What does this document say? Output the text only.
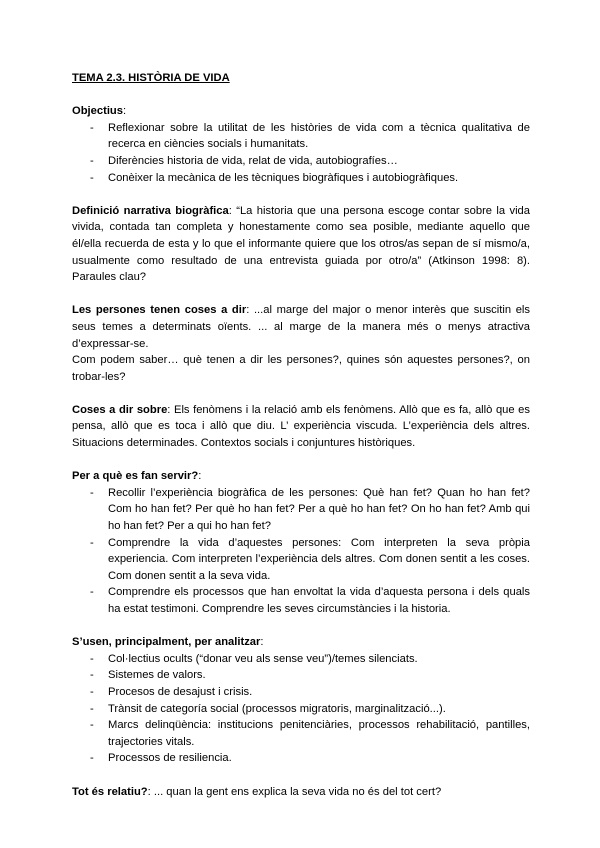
TEMA 2.3. HISTÒRIA DE VIDA

Objectius:

- Reflexionar sobre la utilitat de les històries de vida com a tècnica qualitativa de recerca en ciències socials i humanitats.
- Diferències historia de vida, relat de vida, autobiografíes…
- Conèixer la mecànica de les tècniques biogràfiques i autobiogràfiques.

Definició narrativa biogràfica: “La historia que una persona escoge contar sobre la vida vivida, contada tan completa y honestamente como sea posible, mediante aquello que él/ella recuerda de esta y lo que el informante quiere que los otros/as sepan de sí mismo/a, usualmente como resultado de una entrevista guiada por otro/a” (Atkinson 1998: 8). Paraules clau?

Les persones tenen coses a dir: ...al marge del major o menor interès que suscitin els seus temes a determinats oïents. ... al marge de la manera més o menys atractiva d’expressar-se.

Com podem saber… què tenen a dir les persones?, quines són aquestes persones?, on trobar-les?

Coses a dir sobre: Els fenòmens i la relació amb els fenòmens. Allò que es fa, allò que es pensa, allò que es toca i allò que diu. L’ experiència viscuda. L’experiència dels altres. Situacions determinades. Contextos socials i conjuntures històriques.

Per a què es fan servir?:

- Recollir l’experiència biogràfica de les persones: Què han fet? Quan ho han fet? Com ho han fet? Per què ho han fet? Per a què ho han fet? On ho han fet? Amb qui ho han fet? Per a qui ho han fet?
- Comprendre la vida d’aquestes persones: Com interpreten la seva pròpia experiencia. Com interpreten l’experiència dels altres. Com donen sentit a les coses. Com donen sentit a la seva vida.
- Comprendre els processos que han envoltat la vida d’aquesta persona i dels quals ha estat testimoni. Comprendre les seves circumstàncies i la historia.

S’usen, principalment, per analitzar:

- Col·lectius ocults (“donar veu als sense veu”)/temes silenciats.
- Sistemes de valors.
- Procesos de desajust i crisis.
- Trànsit de categoría social (processos migratoris, marginalització...).
- Marcs delinqüència: institucions penitenciàries, processos rehabilitació, pantilles, trajectories vitals.
- Processos de resiliencia.

Tot és relatiu?: ... quan la gent ens explica la seva vida no és del tot cert?
